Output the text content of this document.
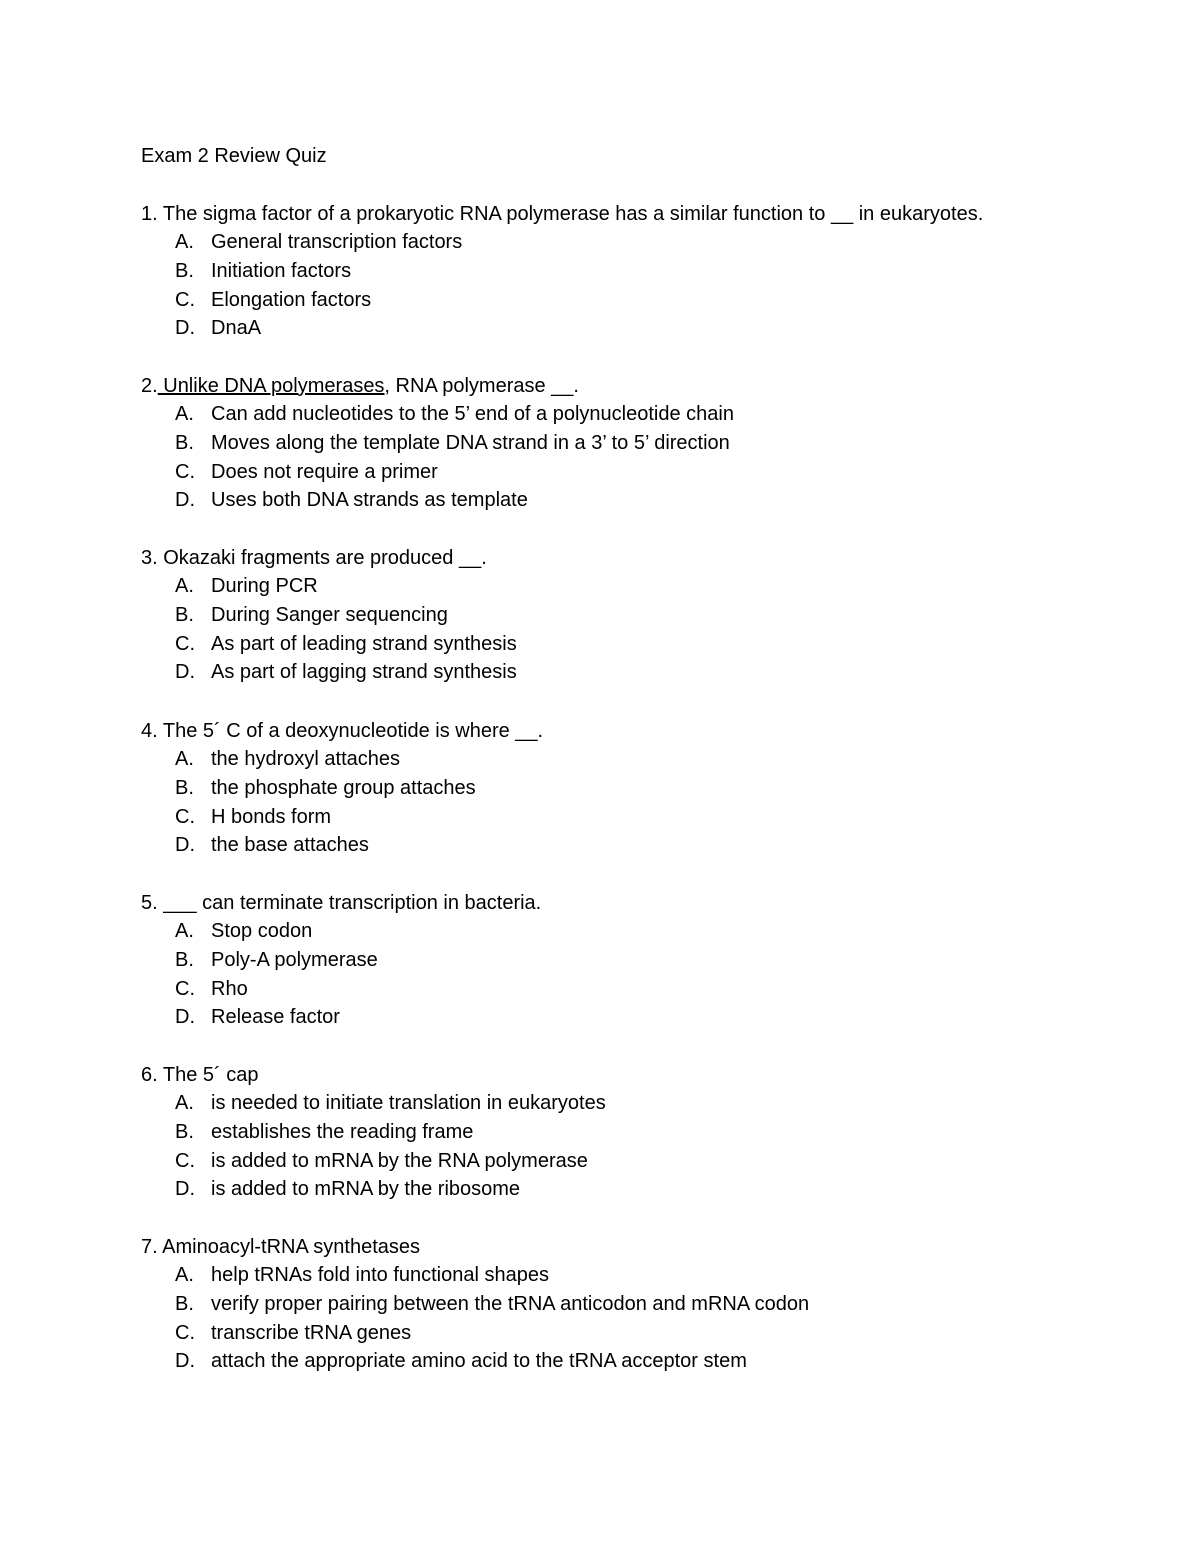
Exam 2 Review Quiz
1. The sigma factor of a prokaryotic RNA polymerase has a similar function to __ in eukaryotes.
A. General transcription factors
B. Initiation factors
C. Elongation factors
D. DnaA
2. Unlike DNA polymerases, RNA polymerase __.
A. Can add nucleotides to the 5’ end of a polynucleotide chain
B. Moves along the template DNA strand in a 3’ to 5’ direction
C. Does not require a primer
D. Uses both DNA strands as template
3. Okazaki fragments are produced __.
A. During PCR
B. During Sanger sequencing
C. As part of leading strand synthesis
D. As part of lagging strand synthesis
4. The 5´ C of a deoxynucleotide is where __.
A. the hydroxyl attaches
B. the phosphate group attaches
C. H bonds form
D. the base attaches
5. ___ can terminate transcription in bacteria.
A. Stop codon
B. Poly-A polymerase
C. Rho
D. Release factor
6. The 5´ cap
A. is needed to initiate translation in eukaryotes
B. establishes the reading frame
C. is added to mRNA by the RNA polymerase
D. is added to mRNA by the ribosome
7. Aminoacyl-tRNA synthetases
A. help tRNAs fold into functional shapes
B. verify proper pairing between the tRNA anticodon and mRNA codon
C. transcribe tRNA genes
D. attach the appropriate amino acid to the tRNA acceptor stem
